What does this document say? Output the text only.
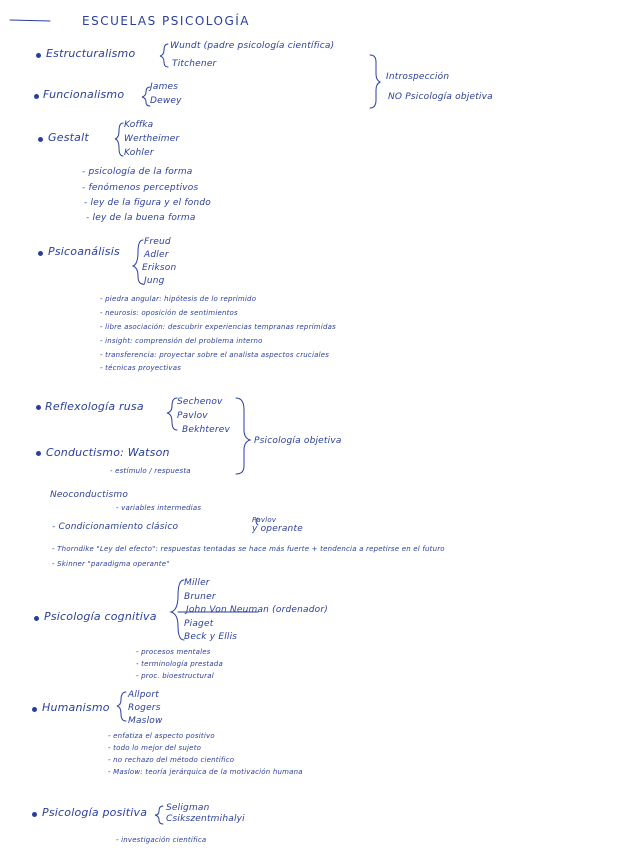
ESCUELAS PSICOLOGÍA
Estructuralismo
Wundt (padre psicología científica)
Titchener
Funcionalismo
James
Dewey
Introspección
NO Psicología objetiva
Gestalt
Koffka
Wertheimer
Kohler
- psicología de la forma
- fenómenos perceptivos
- ley de la figura y el fondo
- ley de la buena forma
Psicoanálisis
Freud
Adler
Erikson
Jung
- piedra angular: hipótesis de lo reprimido
- neurosis: oposición de sentimientos
- libre asociación: descubrir experiencias tempranas reprimidas
- insight: comprensión del problema interno
- transferencia: proyectar sobre el analista aspectos cruciales
- técnicas proyectivas
Reflexología rusa	Sechenov
Pavlov
Bekhterev
Psicología objetiva
Conductismo: Watson
- estímulo / respuesta
Neoconductismo
- variables intermedias
- Condicionamiento clásico
Pavlov
y operante
- Thorndike "Ley del efecto": respuestas tentadas se hace más fuerte + tendencia a repetirse en el futuro
- Skinner "paradigma operante"
Psicología cognitiva
Miller
Bruner
John Von Neuman (ordenador)
Piaget
Beck y Ellis
- procesos mentales
- terminología prestada
- proc. bioestructural
Humanismo
Allport
Rogers
Maslow
- enfatiza el aspecto positivo
- todo lo mejor del sujeto
- no rechazo del método científico
- Maslow: teoría jerárquica de la motivación humana
Psicología positiva Seligman
Csikszentmihalyi
- investigación científica
